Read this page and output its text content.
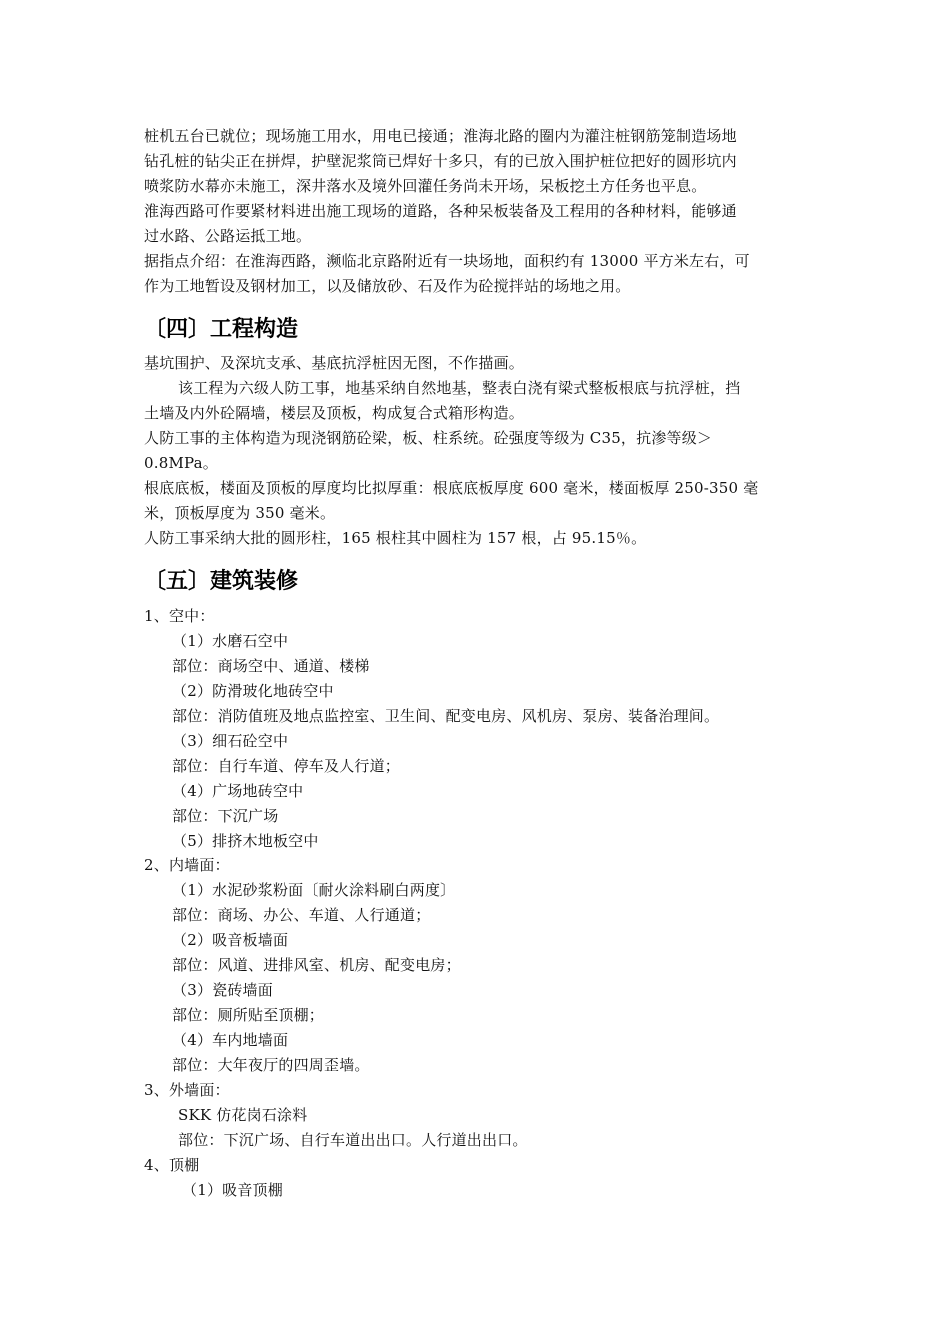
桩机五台已就位；现场施工用水，用电已接通；淮海北路的圈内为灌注桩钢筋笼制造场地
钻孔桩的钻尖正在拼焊，护壁泥浆筒已焊好十多只，有的已放入围护桩位把好的圆形坑内
喷浆防水幕亦未施工，深井落水及境外回灌任务尚未开场，呆板挖土方任务也平息。
淮海西路可作要紧材料进出施工现场的道路，各种呆板装备及工程用的各种材料，能够通
过水路、公路运抵工地。
据指点介绍：在淮海西路，濒临北京路附近有一块场地，面积约有 13000 平方米左右，可
作为工地暂设及钢材加工，以及储放砂、石及作为砼搅拌站的场地之用。
〔四〕工程构造
基坑围护、及深坑支承、基底抗浮桩因无图，不作描画。
该工程为六级人防工事，地基采纳自然地基，整表白浇有梁式整板根底与抗浮桩，挡
土墙及内外砼隔墙，楼层及顶板，构成复合式箱形构造。
人防工事的主体构造为现浇钢筋砼梁，板、柱系统。砼强度等级为 C35，抗渗等级＞
0.8MPa。
根底底板，楼面及顶板的厚度均比拟厚重：根底底板厚度 600 毫米，楼面板厚 250-350 毫
米，顶板厚度为 350 毫米。
人防工事采纳大批的圆形柱，165 根柱其中圆柱为 157 根，占 95.15％。
〔五〕建筑装修
1、空中：
（1）水磨石空中
部位：商场空中、通道、楼梯
（2）防滑玻化地砖空中
部位：消防值班及地点监控室、卫生间、配变电房、风机房、泵房、装备治理间。
（3）细石砼空中
部位：自行车道、停车及人行道；
（4）广场地砖空中
部位：下沉广场
（5）排挤木地板空中
2、内墙面：
（1）水泥砂浆粉面〔耐火涂料刷白两度〕
部位：商场、办公、车道、人行通道；
（2）吸音板墙面
部位：风道、进排风室、机房、配变电房；
（3）瓷砖墙面
部位：厕所贴至顶棚；
（4）车内地墙面
部位：大年夜厅的四周歪墙。
3、外墙面：
SKK 仿花岗石涂料
部位：下沉广场、自行车道出出口。人行道出出口。
4、顶棚
（1）吸音顶棚
